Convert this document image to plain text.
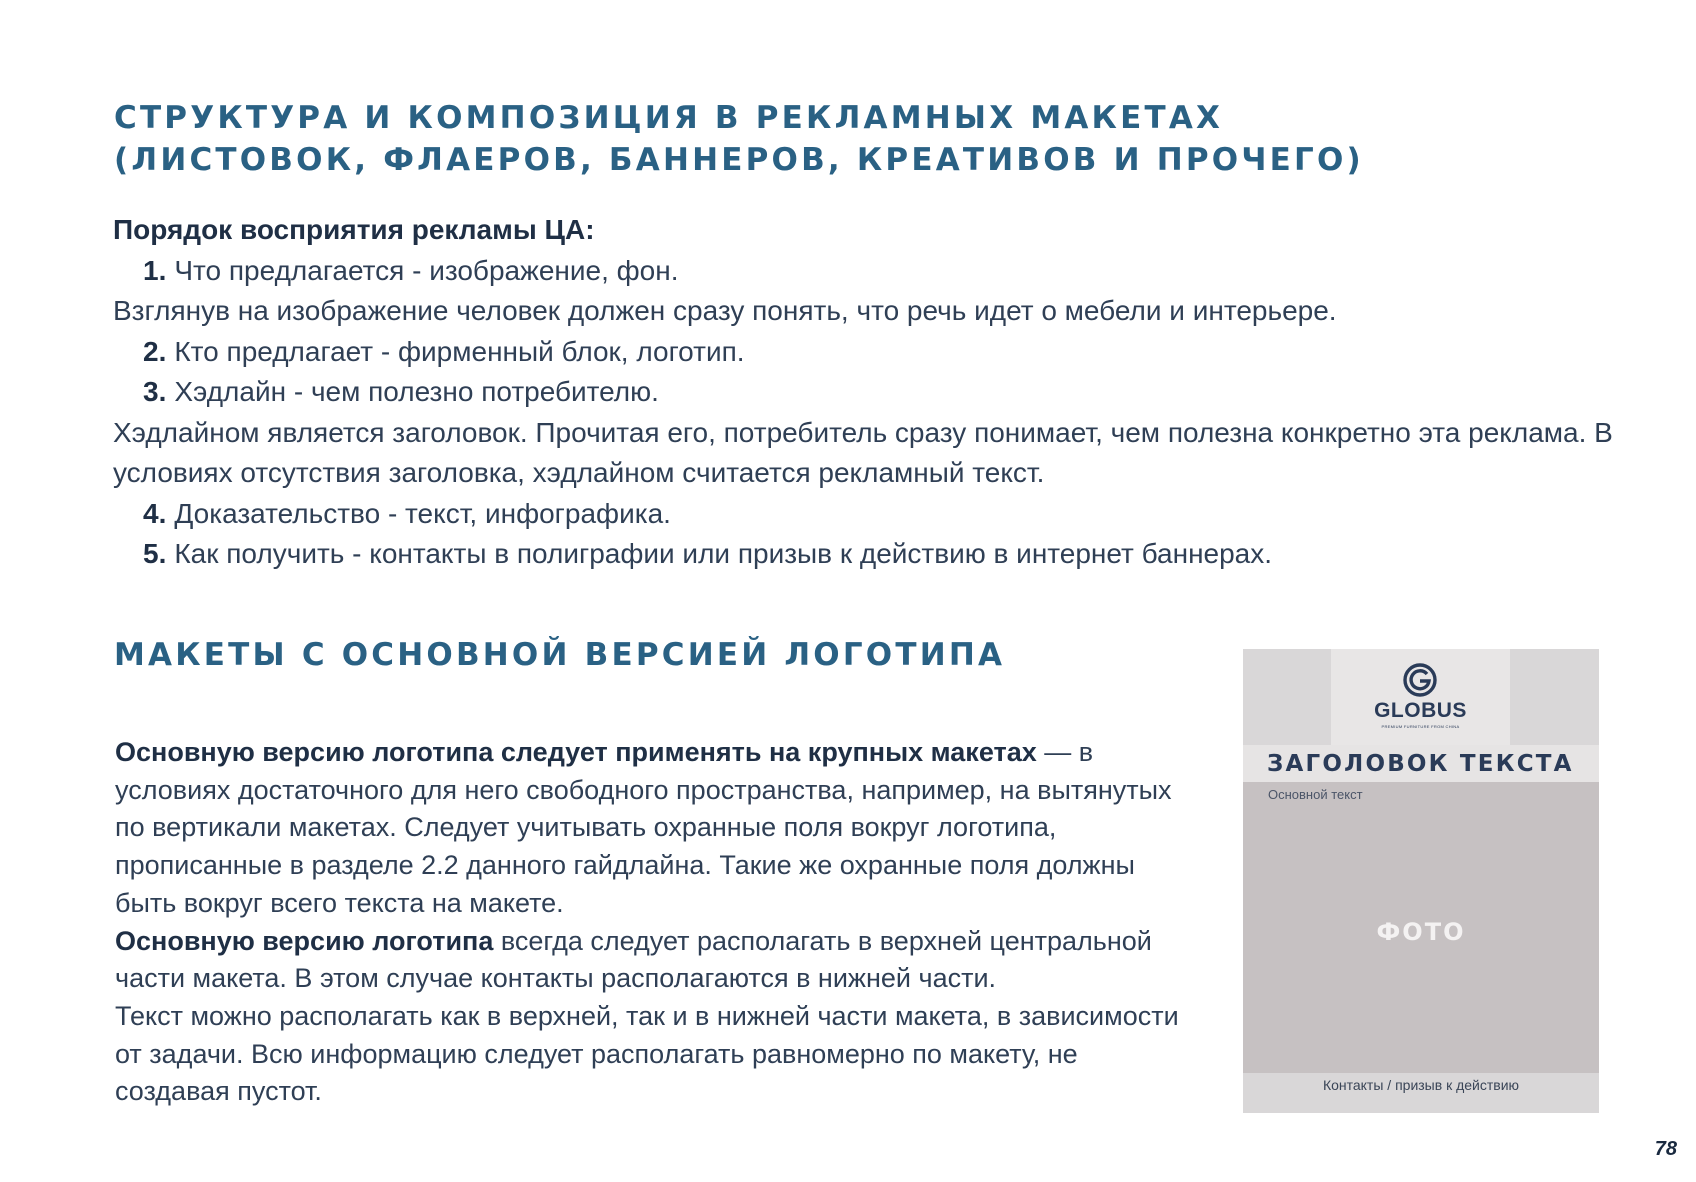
СТРУКТУРА И КОМПОЗИЦИЯ В РЕКЛАМНЫХ МАКЕТАХ
(ЛИСТОВОК, ФЛАЕРОВ, БАННЕРОВ, КРЕАТИВОВ И ПРОЧЕГО)

Порядок восприятия рекламы ЦА:

1. Что предлагается - изображение, фон.

Взглянув на изображение человек должен сразу понять, что речь идет о мебели и интерьере.

2. Кто предлагает - фирменный блок, логотип.

3. Хэдлайн - чем полезно потребителю.

Хэдлайном является заголовок. Прочитая его, потребитель сразу понимает, чем полезна конкретно эта реклама. В условиях отсутствия заголовка, хэдлайном считается рекламный текст.

4. Доказательство - текст, инфографика.

5. Как получить - контакты в полиграфии или призыв к действию в интернет баннерах.

МАКЕТЫ С ОСНОВНОЙ ВЕРСИЕЙ ЛОГОТИПА

Основную версию логотипа следует применять на крупных макетах — в условиях достаточного для него свободного пространства, например, на вытянутых по вертикали макетах. Следует учитывать охранные поля вокруг логотипа, прописанные в разделе 2.2 данного гайдлайна. Такие же охранные поля должны быть вокруг всего текста на макете.

Основную версию логотипа всегда следует располагать в верхней центральной части макета. В этом случае контакты располагаются в нижней части.

Текст можно располагать как в верхней, так и в нижней части макета, в зависимости от задачи. Всю информацию следует располагать равномерно по макету, не создавая пустот.

GLOBUS
PREMIUM FURNITURE FROM CHINA

ЗАГОЛОВОК ТЕКСТА

Основной текст
ФОТО
Контакты / призыв к действию
78
